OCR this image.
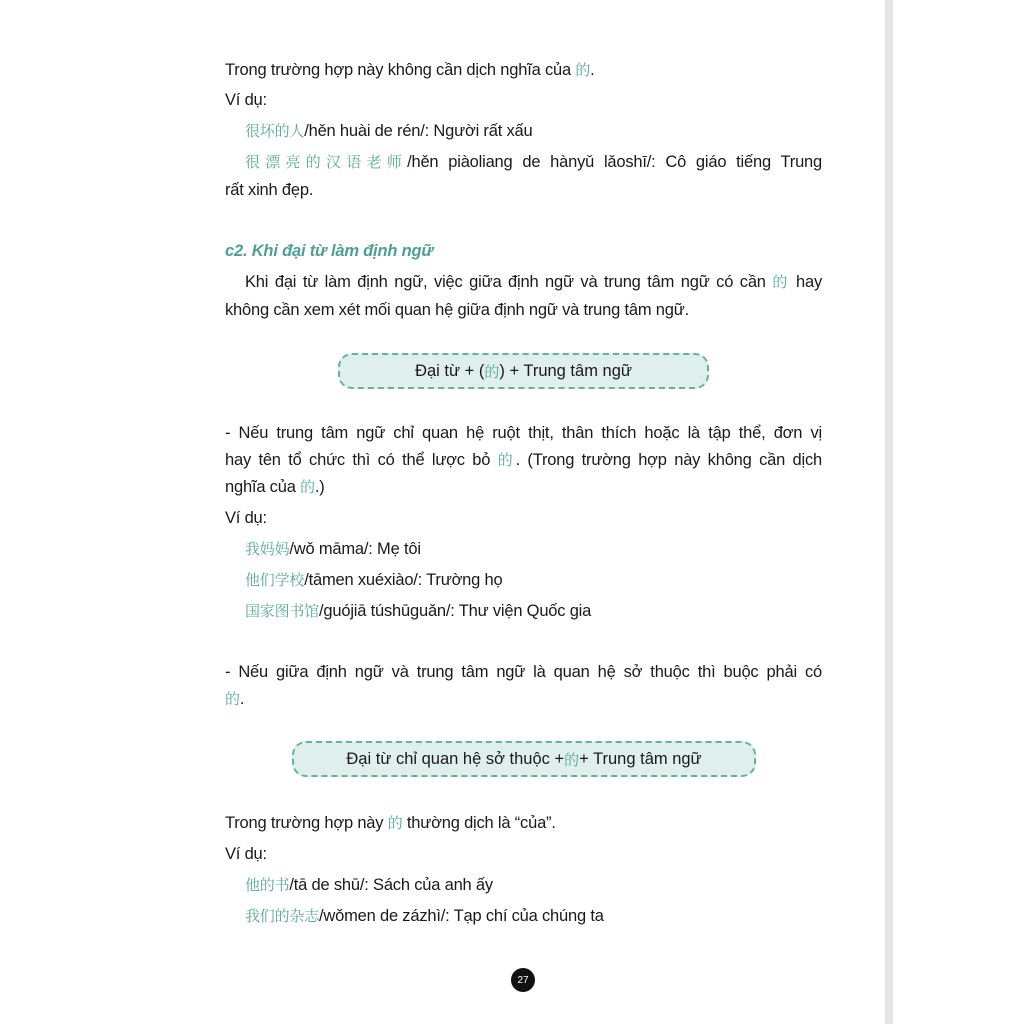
Trong trường hợp này không cần dịch nghĩa của 的.
Ví dụ:
很坏的人/hěn huài de rén/: Người rất xấu
很漂亮的汉语老师/hěn piàoliang de hànyǔ lǎoshī/: Cô giáo tiếng Trung
rất xinh đẹp.
c2. Khi đại từ làm định ngữ
Khi đại từ làm định ngữ, việc giữa định ngữ và trung tâm ngữ có cần 的 hay
không cần xem xét mối quan hệ giữa định ngữ và trung tâm ngữ.
Đại từ + ( 的 ) + Trung tâm ngữ
- Nếu trung tâm ngữ chỉ quan hệ ruột thịt, thân thích hoặc là tập thể, đơn vị
hay tên tổ chức thì có thể lược bỏ 的. (Trong trường hợp này không cần dịch
nghĩa của 的.)
Ví dụ:
我妈妈/wǒ māma/: Mẹ tôi
他们学校/tāmen xuéxiào/: Trường họ
国家图书馆/guójiā túshūguǎn/: Thư viện Quốc gia
- Nếu giữa định ngữ và trung tâm ngữ là quan hệ sở thuộc thì buộc phải có
的.
Đại từ chỉ quan hệ sở thuộc + 的 + Trung tâm ngữ
Trong trường hợp này 的 thường dịch là “của”.
Ví dụ:
他的书/tā de shū/: Sách của anh ấy
我们的杂志/wǒmen de zázhì/: Tạp chí của chúng ta
27
